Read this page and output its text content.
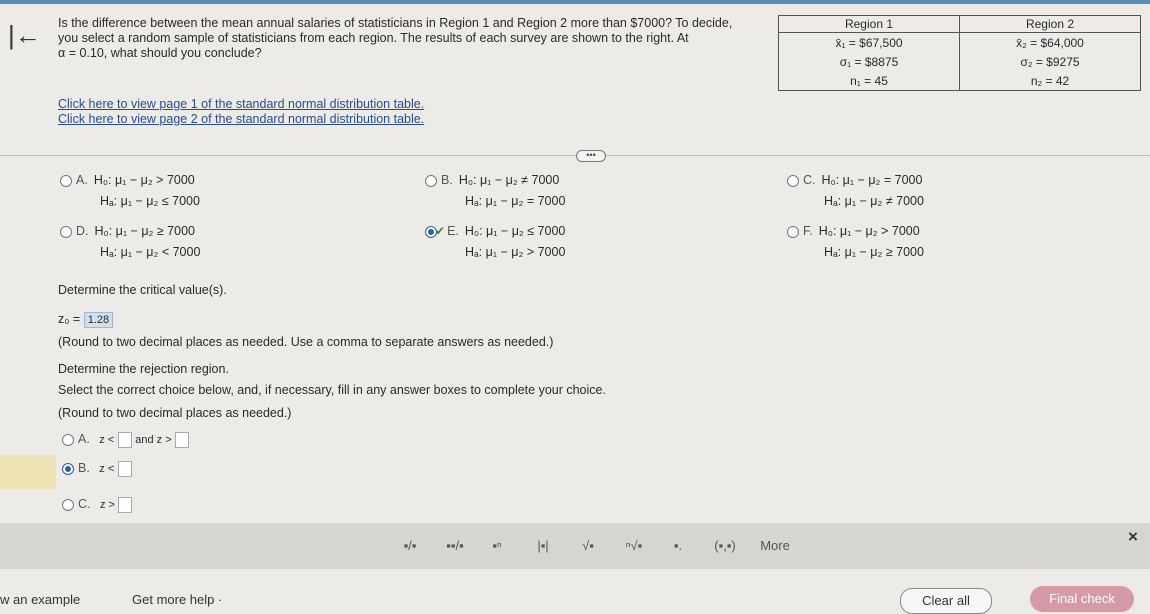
|← Is the difference between the mean annual salaries of statisticians in Region 1 and Region 2 more than $7000? To decide,
you select a random sample of statisticians from each region. The results of each survey are shown to the right. At
α = 0.10, what should you conclude?
Region 1	Region 2
x̄₁ = $67,500	x̄₂ = $64,000
σ₁ = $8875	σ₂ = $9275
n₁ = 45	n₂ = 42
Click here to view page 1 of the standard normal distribution table.
Click here to view page 2 of the standard normal distribution table.
•••
A. H₀: μ₁ − μ₂ > 7000
Hₐ: μ₁ − μ₂ ≤ 7000
B. H₀: μ₁ − μ₂ ≠ 7000
Hₐ: μ₁ − μ₂ = 7000
C. H₀: μ₁ − μ₂ = 7000
Hₐ: μ₁ − μ₂ ≠ 7000
D. H₀: μ₁ − μ₂ ≥ 7000
Hₐ: μ₁ − μ₂ < 7000
✔ E. H₀: μ₁ − μ₂ ≤ 7000
Hₐ: μ₁ − μ₂ > 7000
F. H₀: μ₁ − μ₂ > 7000
Hₐ: μ₁ − μ₂ ≥ 7000
Determine the critical value(s).
z₀ = 1.28
(Round to two decimal places as needed. Use a comma to separate answers as needed.)
Determine the rejection region.
Select the correct choice below, and, if necessary, fill in any answer boxes to complete your choice.
(Round to two decimal places as needed.)
A. z < and z >
B. z <
C. z >
▪/▪	▪▪/▪	▪ⁿ	|▪|	√▪	ⁿ√▪	▪.	(▪,▪)	More	×
w an example	Get more help ·	Clear all	Final check
